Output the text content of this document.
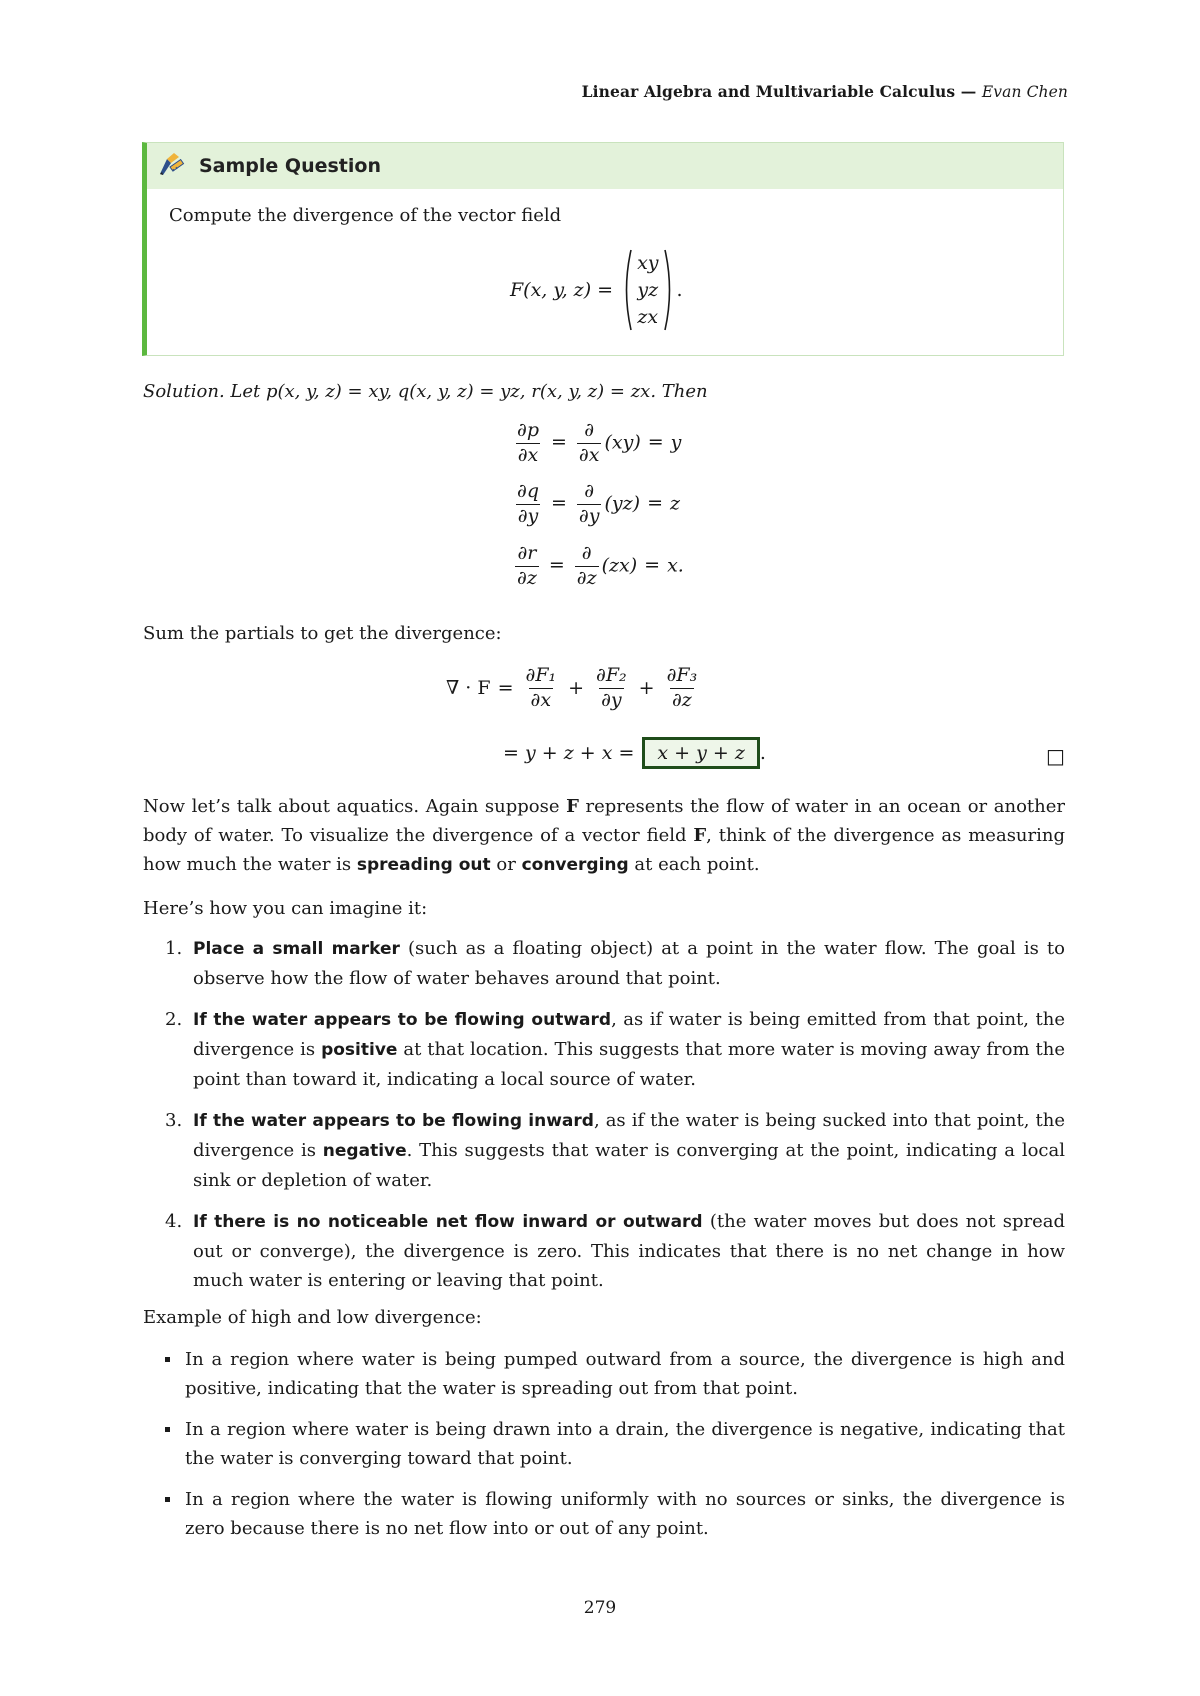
Linear Algebra and Multivariable Calculus — Evan Chen
Sample Question
Compute the divergence of the vector field
F(x, y, z) =
xy
yz
zx
.
Solution. Let p(x, y, z) = xy, q(x, y, z) = yz, r(x, y, z) = zx. Then
$\frac{\partial p}{\partial x} = \frac{\partial}{\partial x} (xy) = y$
$\frac{\partial q}{\partial y} = \frac{\partial}{\partial y} (yz) = z$
$\frac{\partial r}{\partial z} = \frac{\partial}{\partial z} (zx) = x$.
Sum the partials to get the divergence:
∇ · $F = \frac{\text{∂F₁}}{\partial x} + \frac{\text{∂F₂}}{\partial y} + \frac{\text{∂F₃}}{\partial z}$
= y + z + x =	x + y + z .	□
Now let’s talk about aquatics. Again suppose F represents the flow of water in an ocean or another body of water. To visualize the divergence of a vector field F, think of the divergence as measuring how much the water is spreading out or converging at each point.
Here’s how you can imagine it:
1. Place a small marker (such as a floating object) at a point in the water flow. The goal is to observe how the flow of water behaves around that point.
2. If the water appears to be flowing outward, as if water is being emitted from that point, the divergence is positive at that location. This suggests that more water is moving away from the point than toward it, indicating a local source of water.
3. If the water appears to be flowing inward, as if the water is being sucked into that point, the divergence is negative. This suggests that water is converging at the point, indicating a local sink or depletion of water.
4. If there is no noticeable net flow inward or outward (the water moves but does not spread out or converge), the divergence is zero. This indicates that there is no net change in how much water is entering or leaving that point.
Example of high and low divergence:
In a region where water is being pumped outward from a source, the divergence is high and positive, indicating that the water is spreading out from that point.
In a region where water is being drawn into a drain, the divergence is negative, indicating that the water is converging toward that point.
In a region where the water is flowing uniformly with no sources or sinks, the divergence is zero because there is no net flow into or out of any point.
279
